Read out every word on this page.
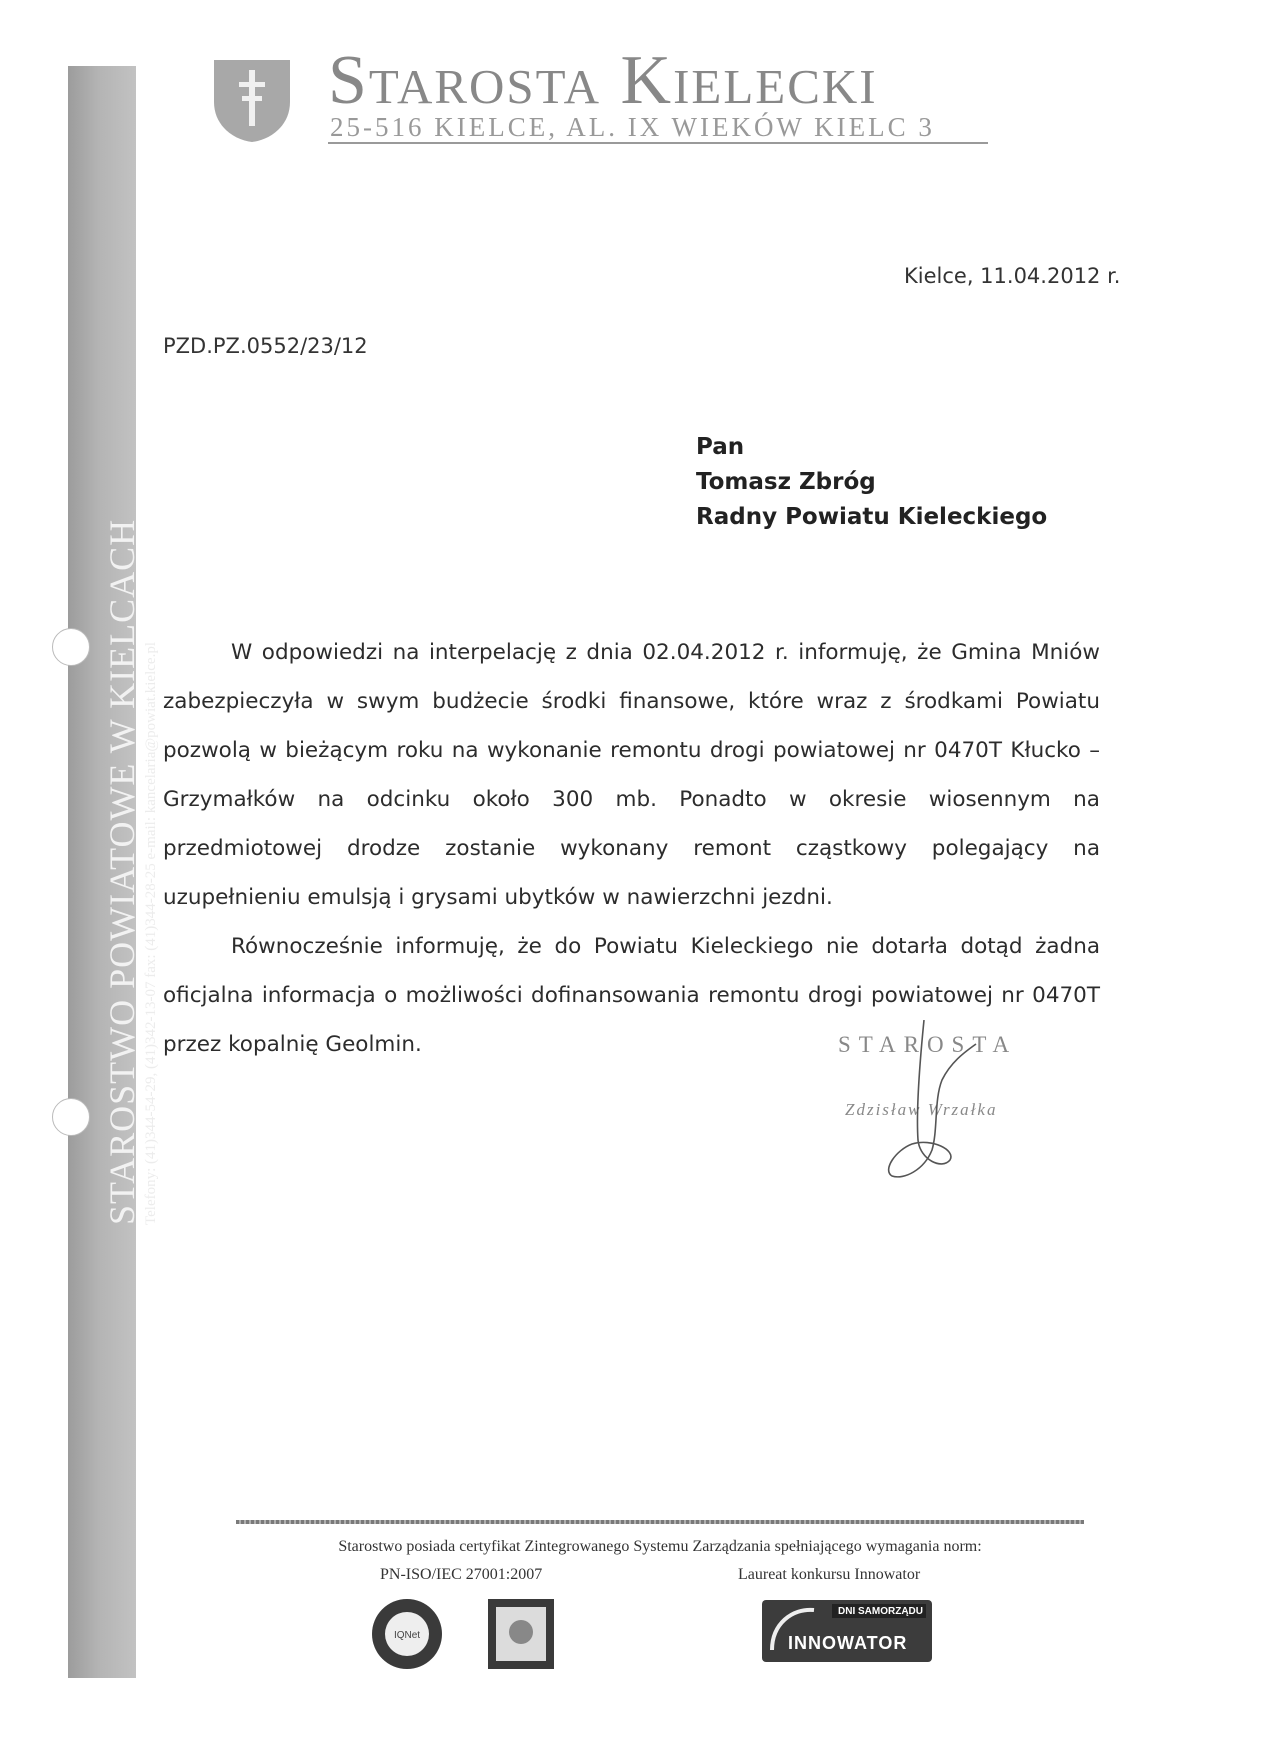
STAROSTWO POWIATOWE W KIELCACH Telefony: (41)344-54-29, (41)342-13-07 fax: (41)344-28-25 e-mail: kancelaria@powiat.kielce.pl
Starosta Kielecki
25-516 KIELCE, AL. IX WIEKÓW KIELC 3
Kielce, 11.04.2012 r.
PZD.PZ.0552/23/12
Pan
Tomasz Zbróg
Radny Powiatu Kieleckiego

W odpowiedzi na interpelację z dnia 02.04.2012 r. informuję, że Gmina Mniów zabezpieczyła w swym budżecie środki finansowe, które wraz z środkami Powiatu pozwolą w bieżącym roku na wykonanie remontu drogi powiatowej nr 0470T Kłucko – Grzymałków na odcinku około 300 mb. Ponadto w okresie wiosennym na przedmiotowej drodze zostanie wykonany remont cząstkowy polegający na uzupełnieniu emulsją i grysami ubytków w nawierzchni jezdni.

Równocześnie informuję, że do Powiatu Kieleckiego nie dotarła dotąd żadna oficjalna informacja o możliwości dofinansowania remontu drogi powiatowej nr 0470T przez kopalnię Geolmin.	STAROSTA
Zdzisław Wrzałka
Starostwo posiada certyfikat Zintegrowanego Systemu Zarządzania spełniającego wymagania norm:
PN-ISO/IEC 27001:2007	Laureat konkursu Innowator
IQNet
DNI SAMORZĄDU
INNOWATOR
